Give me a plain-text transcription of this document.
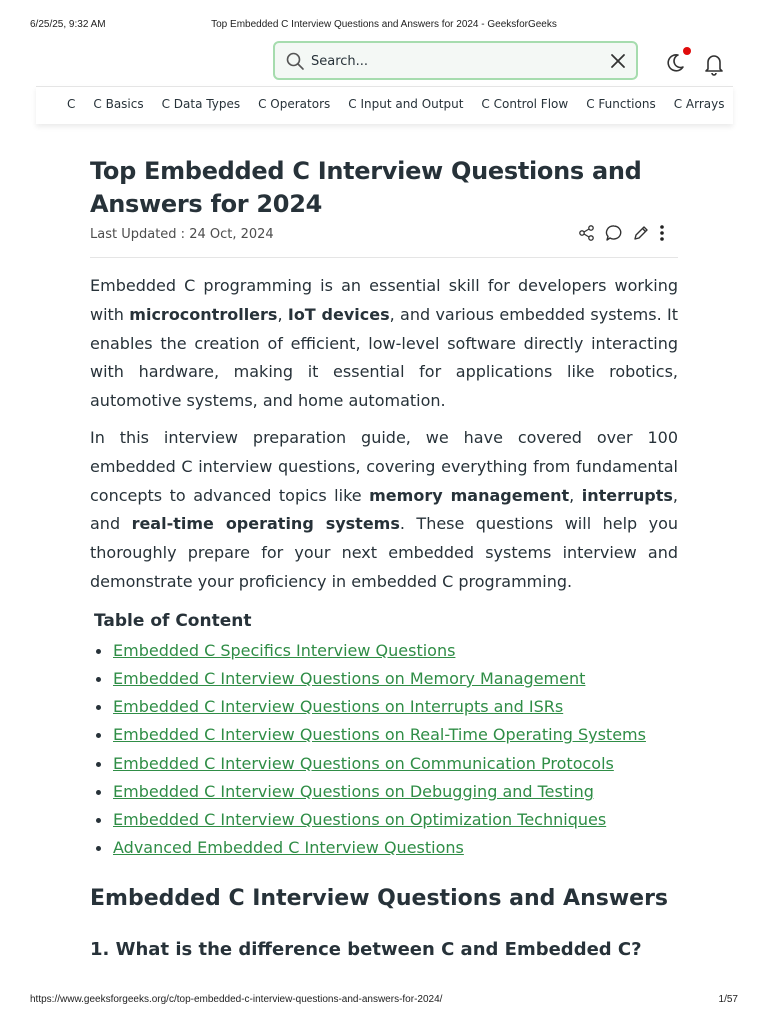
6/25/25, 9:32 AM	Top Embedded C Interview Questions and Answers for 2024 - GeeksforGeeks
Search...
C C Basics C Data Types C Operators C Input and Output C Control Flow C Functions C Arrays
Top Embedded C Interview Questions and Answers for 2024
Last Updated : 24 Oct, 2024

Embedded C programming is an essential skill for developers working with microcontrollers, IoT devices, and various embedded systems. It enables the creation of efficient, low-level software directly interacting with hardware, making it essential for applications like robotics, automotive systems, and home automation.

In this interview preparation guide, we have covered over 100 embedded C interview questions, covering everything from fundamental concepts to advanced topics like memory management, interrupts, and real-time operating systems. These questions will help you thoroughly prepare for your next embedded systems interview and demonstrate your proficiency in embedded C programming.

Table of Content
Embedded C Specifics Interview Questions
Embedded C Interview Questions on Memory Management
Embedded C Interview Questions on Interrupts and ISRs
Embedded C Interview Questions on Real-Time Operating Systems
Embedded C Interview Questions on Communication Protocols
Embedded C Interview Questions on Debugging and Testing
Embedded C Interview Questions on Optimization Techniques
Advanced Embedded C Interview Questions
Embedded C Interview Questions and Answers
1. What is the difference between C and Embedded C?
https://www.geeksforgeeks.org/c/top-embedded-c-interview-questions-and-answers-for-2024/	1/57
